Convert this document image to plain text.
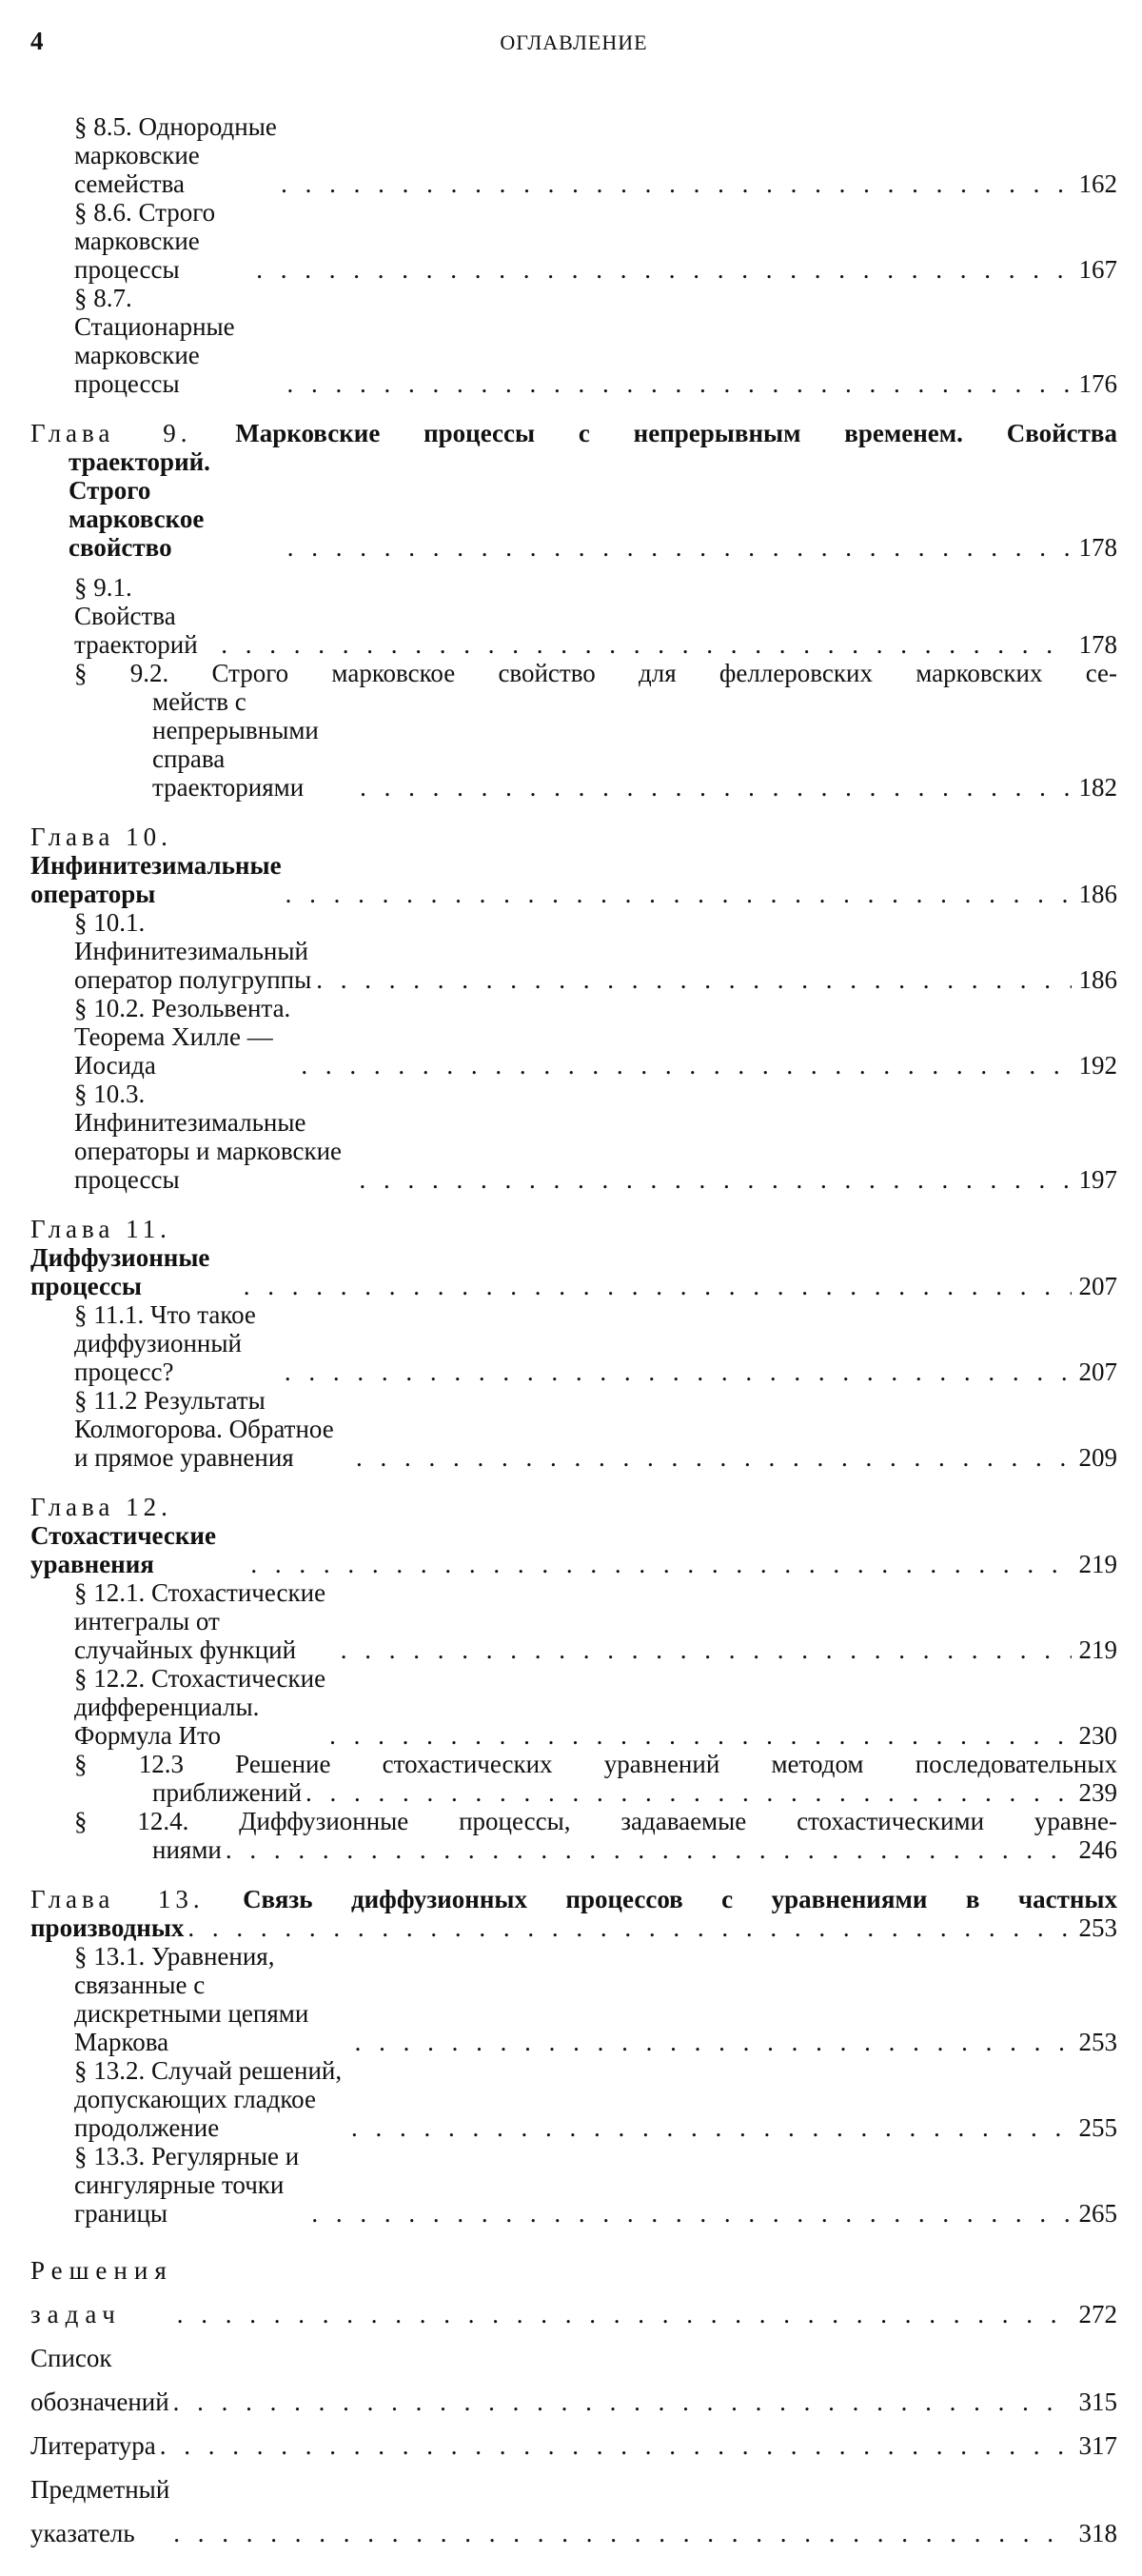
4	ОГЛАВЛЕНИЕ
§ 8.5. Однородные марковские семейства . . .	162
§ 8.6. Строго марковские процессы . . .	167
§ 8.7. Стационарные марковские процессы . . .	176
Глава 9. Марковские процессы с непрерывным временем. Свойства
траекторий. Строго марковское свойство . . .	178
§ 9.1. Свойства траекторий . . .	178
§ 9.2. Строго марковское свойство для феллеровских марковских се-
мейств с непрерывными справа траекториями . . .	182
Глава 10. Инфинитезимальные операторы . . .	186
§ 10.1. Инфинитезимальный оператор полугруппы . . .	186
§ 10.2. Резольвента. Теорема Хилле — Иосида . . .	192
§ 10.3. Инфинитезимальные операторы и марковские процессы . . .	197
Глава 11. Диффузионные процессы . . .	207
§ 11.1. Что такое диффузионный процесс? . . .	207
§ 11.2 Результаты Колмогорова. Обратное и прямое уравнения . . .	209
Глава 12. Стохастические уравнения . . .	219
§ 12.1. Стохастические интегралы от случайных функций . . .	219
§ 12.2. Стохастические дифференциалы. Формула Ито . . .	230
§ 12.3 Решение стохастических уравнений методом последовательных
приближений . . .	239
§ 12.4. Диффузионные процессы, задаваемые стохастическими уравне-
ниями . . .	246
Глава 13. Связь диффузионных процессов с уравнениями в частных
производных . . .	253
§ 13.1. Уравнения, связанные с дискретными цепями Маркова . . .	253
§ 13.2. Случай решений, допускающих гладкое продолжение . . .	255
§ 13.3. Регулярные и сингулярные точки границы . . .	265
Решения задач . . .	272
Список обозначений . . .	315
Литература . . .	317
Предметный указатель . . .	318
